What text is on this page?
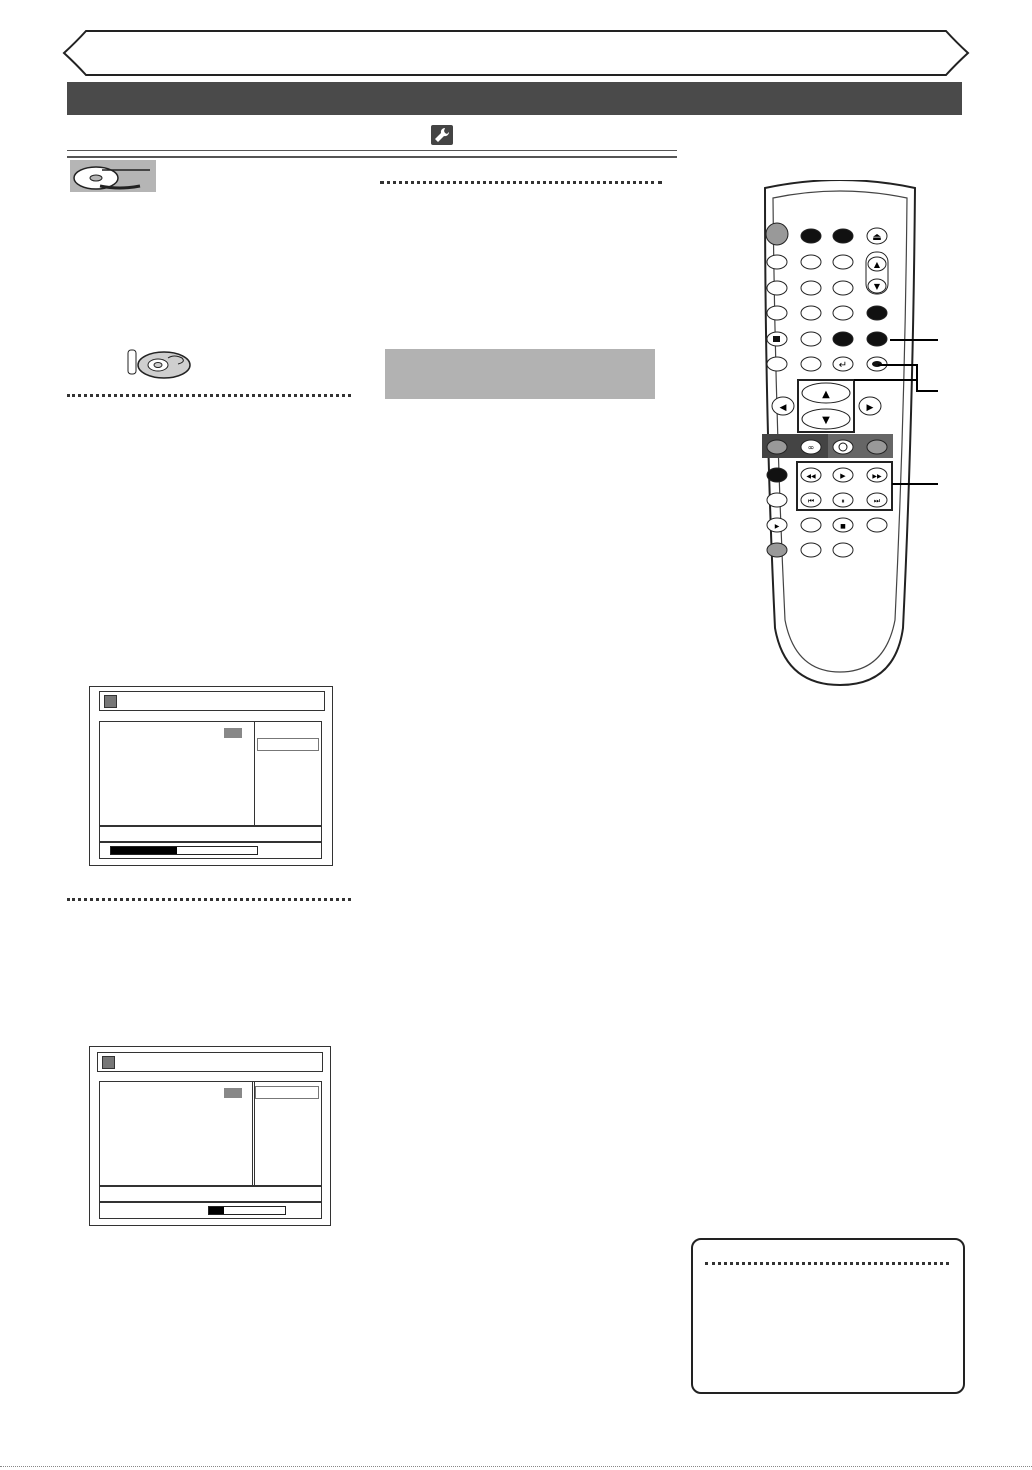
⏏
▲
▼
↵
◀
▲
▼
▶
∞
◀◀	▶	▶▶
⏮	⏸	⏭
▶	■
